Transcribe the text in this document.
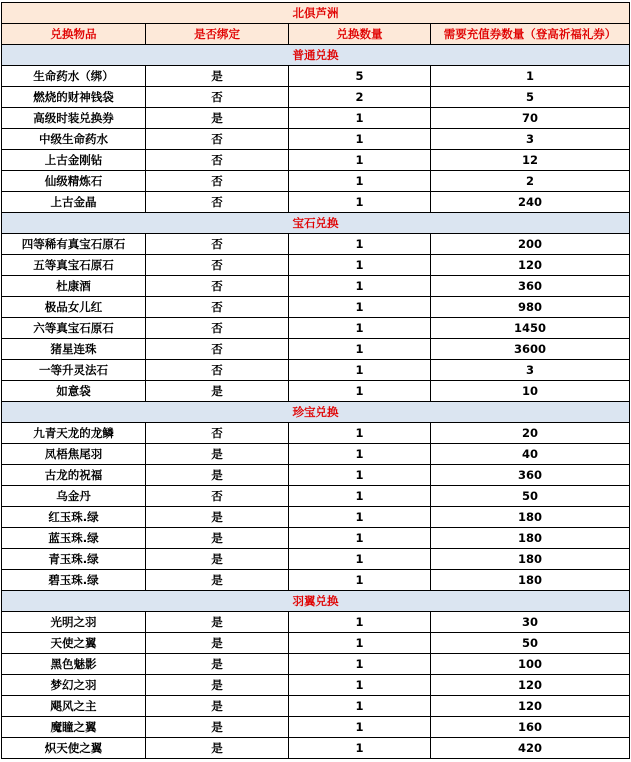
北俱芦洲			
兑换物品	是否绑定	兑换数量	需要充值券数量（登高祈福礼券）
普通兑换			
生命药水（绑）	是	5	1
燃烧的财神钱袋	否	2	5
高级时装兑换券	是	1	70
中级生命药水	否	1	3
上古金刚钻	否	1	12
仙级精炼石	否	1	2
上古金晶	否	1	240
宝石兑换			
四等稀有真宝石原石	否	1	200
五等真宝石原石	否	1	120
杜康酒	否	1	360
极品女儿红	否	1	980
六等真宝石原石	否	1	1450
猪星连珠	否	1	3600
一等升灵法石	否	1	3
如意袋	是	1	10
珍宝兑换			
九青天龙的龙鳞	否	1	20
凤梧焦尾羽	是	1	40
古龙的祝福	是	1	360
乌金丹	否	1	50
红玉珠.绿	是	1	180
蓝玉珠.绿	是	1	180
青玉珠.绿	是	1	180
碧玉珠.绿	是	1	180
羽翼兑换			
光明之羽	是	1	30
天使之翼	是	1	50
黑色魅影	是	1	100
梦幻之羽	是	1	120
飓风之主	是	1	120
魔瞳之翼	是	1	160
炽天使之翼	是	1	420
